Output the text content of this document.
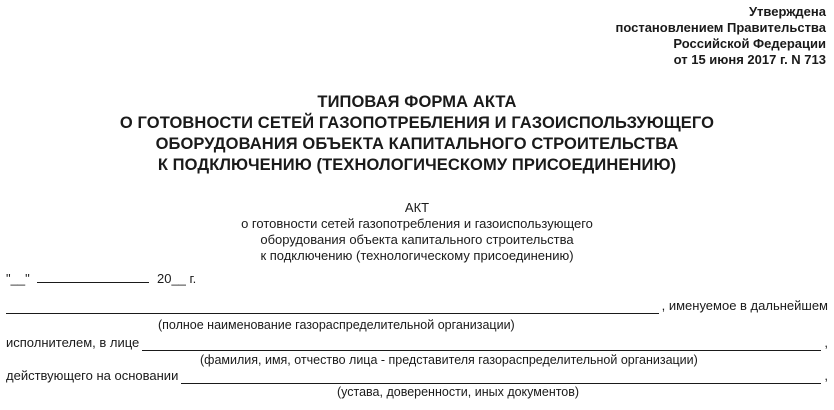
Утверждена
постановлением Правительства
Российской Федерации
от 15 июня 2017 г. N 713
ТИПОВАЯ ФОРМА АКТА
О ГОТОВНОСТИ СЕТЕЙ ГАЗОПОТРЕБЛЕНИЯ И ГАЗОИСПОЛЬЗУЮЩЕГО
ОБОРУДОВАНИЯ ОБЪЕКТА КАПИТАЛЬНОГО СТРОИТЕЛЬСТВА
К ПОДКЛЮЧЕНИЮ (ТЕХНОЛОГИЧЕСКОМУ ПРИСОЕДИНЕНИЮ)
АКТ
о готовности сетей газопотребления и газоиспользующего
оборудования объекта капитального строительства
к подключению (технологическому присоединению)
"__"	20__ г.
, именуемое в дальнейшем
(полное наименование газораспределительной организации)
исполнителем, в лице	,
(фамилия, имя, отчество лица - представителя газораспределительной организации)
действующего на основании	,
(устава, доверенности, иных документов)
